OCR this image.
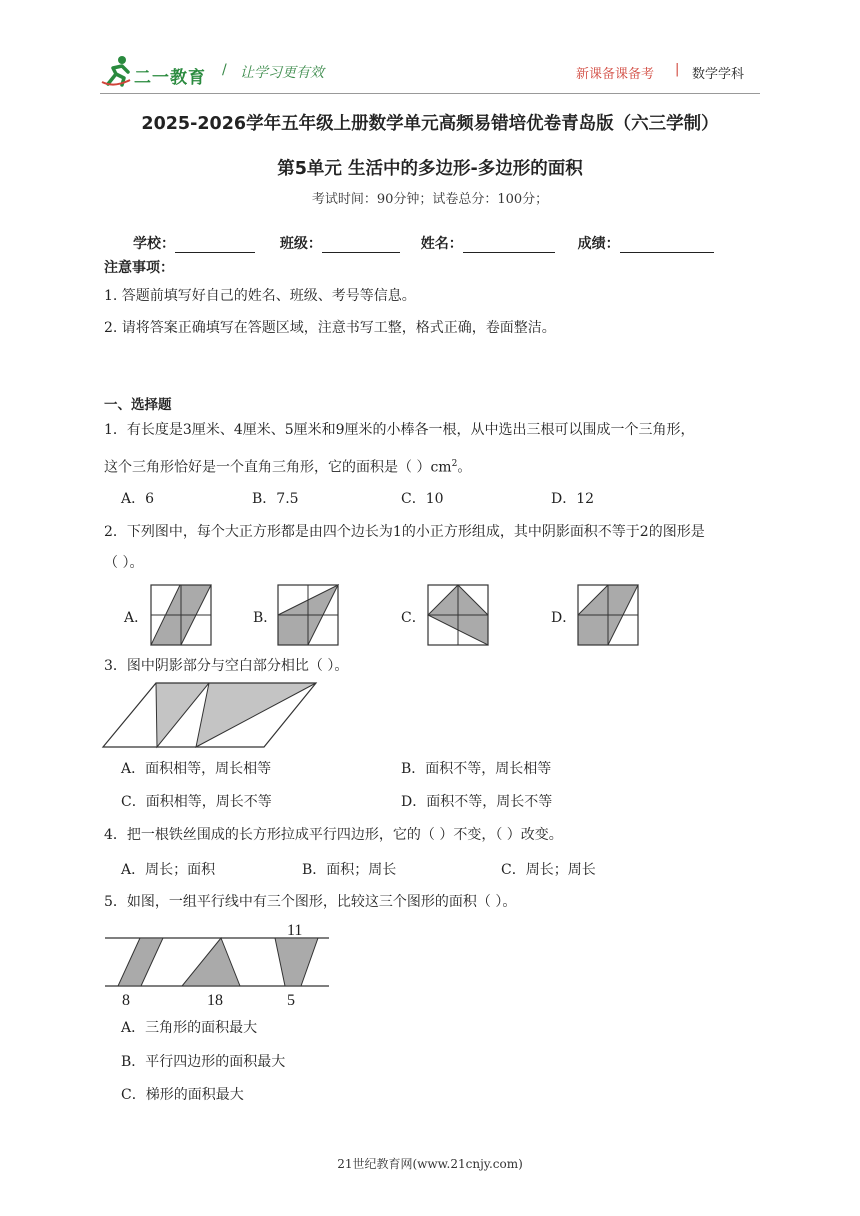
二一教育 / 让学习更有效	新课备课备考 | 数学学科
2025-2026学年五年级上册数学单元高频易错培优卷青岛版（六三学制）
第5单元 生活中的多边形-多边形的面积
考试时间：90分钟；试卷总分：100分；
学校：	班级：	姓名：	成绩：
注意事项：
1. 答题前填写好自己的姓名、班级、考号等信息。
2. 请将答案正确填写在答题区域，注意书写工整，格式正确，卷面整洁。
一、选择题
1．有长度是3厘米、4厘米、5厘米和9厘米的小棒各一根，从中选出三根可以围成一个三角形，
这个三角形恰好是一个直角三角形，它的面积是（ ）$cm^2$。
A．6	B．7.5	C．10	D．12
2．下列图中，每个大正方形都是由四个边长为1的小正方形组成，其中阴影面积不等于2的图形是
（ ）。
A．	B．	C．	D．
3．图中阴影部分与空白部分相比（ ）。
A．面积相等，周长相等	B．面积不等，周长相等
C．面积相等，周长不等	D．面积不等，周长不等
4．把一根铁丝围成的长方形拉成平行四边形，它的（ ）不变，（ ）改变。
A．周长；面积	B．面积；周长	C．周长；周长
5．如图，一组平行线中有三个图形，比较这三个图形的面积（ ）。
11
8	18	5
A．三角形的面积最大
B．平行四边形的面积最大
C．梯形的面积最大
21世纪教育网(www.21cnjy.com)
